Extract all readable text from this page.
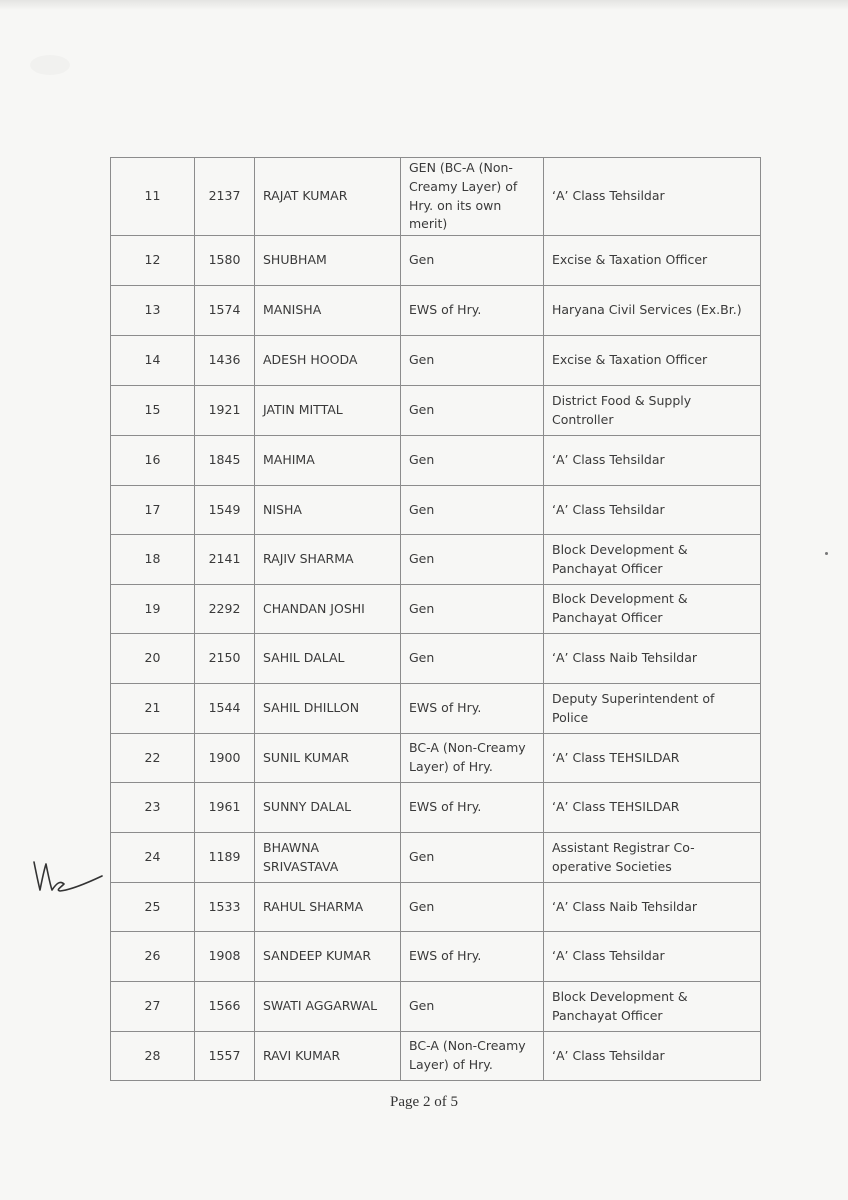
11	2137	RAJAT KUMAR	GEN (BC-A (Non-Creamy Layer) of Hry. on its own merit)	‘A’ Class Tehsildar
12	1580	SHUBHAM	Gen	Excise & Taxation Officer
13	1574	MANISHA	EWS of Hry.	Haryana Civil Services (Ex.Br.)
14	1436	ADESH HOODA	Gen	Excise & Taxation Officer
15	1921	JATIN MITTAL	Gen	District Food & Supply Controller
16	1845	MAHIMA	Gen	‘A’ Class Tehsildar
17	1549	NISHA	Gen	‘A’ Class Tehsildar
18	2141	RAJIV SHARMA	Gen	Block Development & Panchayat Officer
19	2292	CHANDAN JOSHI	Gen	Block Development & Panchayat Officer
20	2150	SAHIL DALAL	Gen	‘A’ Class Naib Tehsildar
21	1544	SAHIL DHILLON	EWS of Hry.	Deputy Superintendent of Police
22	1900	SUNIL KUMAR	BC-A (Non-Creamy Layer) of Hry.	‘A’ Class TEHSILDAR
23	1961	SUNNY DALAL	EWS of Hry.	‘A’ Class TEHSILDAR
24	1189	BHAWNA SRIVASTAVA	Gen	Assistant Registrar Co-operative Societies
25	1533	RAHUL SHARMA	Gen	‘A’ Class Naib Tehsildar
26	1908	SANDEEP KUMAR	EWS of Hry.	‘A’ Class Tehsildar
27	1566	SWATI AGGARWAL	Gen	Block Development & Panchayat Officer
28	1557	RAVI KUMAR	BC-A (Non-Creamy Layer) of Hry.	‘A’ Class Tehsildar
Page 2 of 5
